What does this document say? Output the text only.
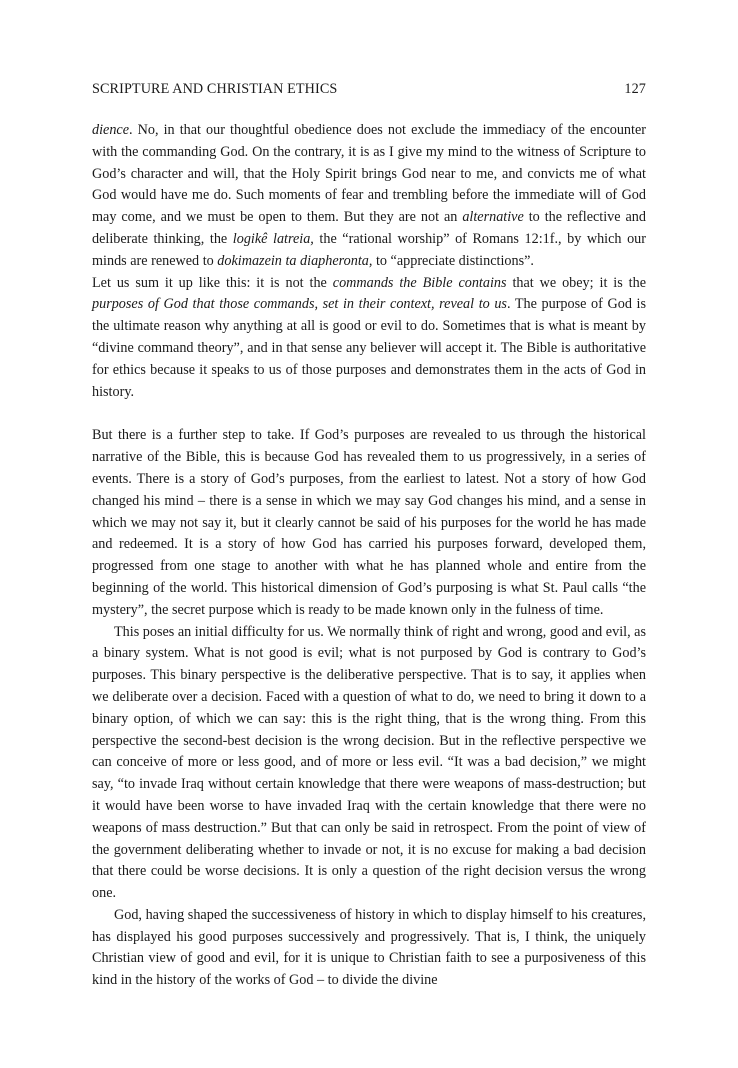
SCRIPTURE AND CHRISTIAN ETHICS	127

dience. No, in that our thoughtful obedience does not exclude the immediacy of the encounter with the commanding God. On the contrary, it is as I give my mind to the witness of Scripture to God’s character and will, that the Holy Spirit brings God near to me, and convicts me of what God would have me do. Such moments of fear and trembling before the immediate will of God may come, and we must be open to them. But they are not an alternative to the reflective and deliberate thinking, the logikê latreia, the “rational worship” of Romans 12:1f., by which our minds are renewed to dokimazein ta diapheronta, to “appreciate distinctions”.

Let us sum it up like this: it is not the commands the Bible contains that we obey; it is the purposes of God that those commands, set in their context, reveal to us. The purpose of God is the ultimate reason why anything at all is good or evil to do. Sometimes that is what is meant by “divine command theory”, and in that sense any believer will accept it. The Bible is authoritative for ethics because it speaks to us of those purposes and demonstrates them in the acts of God in history.

But there is a further step to take. If God’s purposes are revealed to us through the historical narrative of the Bible, this is because God has revealed them to us progressively, in a series of events. There is a story of God’s purposes, from the earliest to latest. Not a story of how God changed his mind – there is a sense in which we may say God changes his mind, and a sense in which we may not say it, but it clearly cannot be said of his purposes for the world he has made and redeemed. It is a story of how God has carried his purposes forward, developed them, progressed from one stage to another with what he has planned whole and entire from the beginning of the world. This historical dimension of God’s purposing is what St. Paul calls “the mystery”, the secret purpose which is ready to be made known only in the fulness of time.

This poses an initial difficulty for us. We normally think of right and wrong, good and evil, as a binary system. What is not good is evil; what is not purposed by God is contrary to God’s purposes. This binary perspective is the deliberative perspective. That is to say, it applies when we deliberate over a decision. Faced with a question of what to do, we need to bring it down to a binary option, of which we can say: this is the right thing, that is the wrong thing. From this perspective the second-best decision is the wrong decision. But in the reflective perspective we can conceive of more or less good, and of more or less evil. “It was a bad decision,” we might say, “to invade Iraq without certain knowledge that there were weapons of mass-destruction; but it would have been worse to have invaded Iraq with the certain knowledge that there were no weapons of mass destruction.” But that can only be said in retrospect. From the point of view of the government deliberating whether to invade or not, it is no excuse for making a bad decision that there could be worse decisions. It is only a question of the right decision versus the wrong one.

God, having shaped the successiveness of history in which to display himself to his creatures, has displayed his good purposes successively and progressively. That is, I think, the uniquely Christian view of good and evil, for it is unique to Christian faith to see a purposiveness of this kind in the history of the works of God – to divide the divine
